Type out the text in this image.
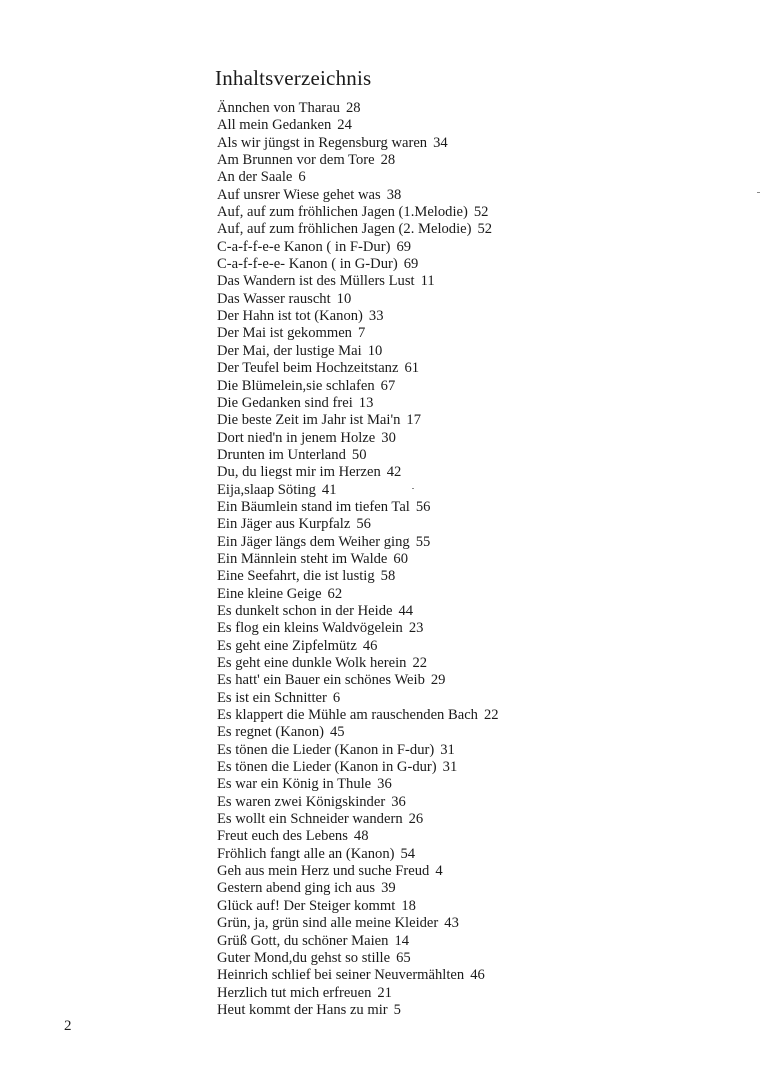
Inhaltsverzeichnis
Ännchen von Tharau 28
All mein Gedanken 24
Als wir jüngst in Regensburg waren 34
Am Brunnen vor dem Tore 28
An der Saale 6
Auf unsrer Wiese gehet was 38
Auf, auf zum fröhlichen Jagen (1.Melodie) 52
Auf, auf zum fröhlichen Jagen (2. Melodie) 52
C-a-f-f-e-e Kanon ( in F-Dur) 69
C-a-f-f-e-e- Kanon ( in G-Dur) 69
Das Wandern ist des Müllers Lust 11
Das Wasser rauscht 10
Der Hahn ist tot (Kanon) 33
Der Mai ist gekommen 7
Der Mai, der lustige Mai 10
Der Teufel beim Hochzeitstanz 61
Die Blümelein,sie schlafen 67
Die Gedanken sind frei 13
Die beste Zeit im Jahr ist Mai'n 17
Dort nied'n in jenem Holze 30
Drunten im Unterland 50
Du, du liegst mir im Herzen 42
Eija,slaap Söting 41
Ein Bäumlein stand im tiefen Tal 56
Ein Jäger aus Kurpfalz 56
Ein Jäger längs dem Weiher ging 55
Ein Männlein steht im Walde 60
Eine Seefahrt, die ist lustig 58
Eine kleine Geige 62
Es dunkelt schon in der Heide 44
Es flog ein kleins Waldvögelein 23
Es geht eine Zipfelmütz 46
Es geht eine dunkle Wolk herein 22
Es hatt' ein Bauer ein schönes Weib 29
Es ist ein Schnitter 6
Es klappert die Mühle am rauschenden Bach 22
Es regnet (Kanon) 45
Es tönen die Lieder (Kanon in F-dur) 31
Es tönen die Lieder (Kanon in G-dur) 31
Es war ein König in Thule 36
Es waren zwei Königskinder 36
Es wollt ein Schneider wandern 26
Freut euch des Lebens 48
Fröhlich fangt alle an (Kanon) 54
Geh aus mein Herz und suche Freud 4
Gestern abend ging ich aus 39
Glück auf! Der Steiger kommt 18
Grün, ja, grün sind alle meine Kleider 43
Grüß Gott, du schöner Maien 14
Guter Mond,du gehst so stille 65
Heinrich schlief bei seiner Neuvermählten 46
Herzlich tut mich erfreuen 21
Heut kommt der Hans zu mir 5
2
